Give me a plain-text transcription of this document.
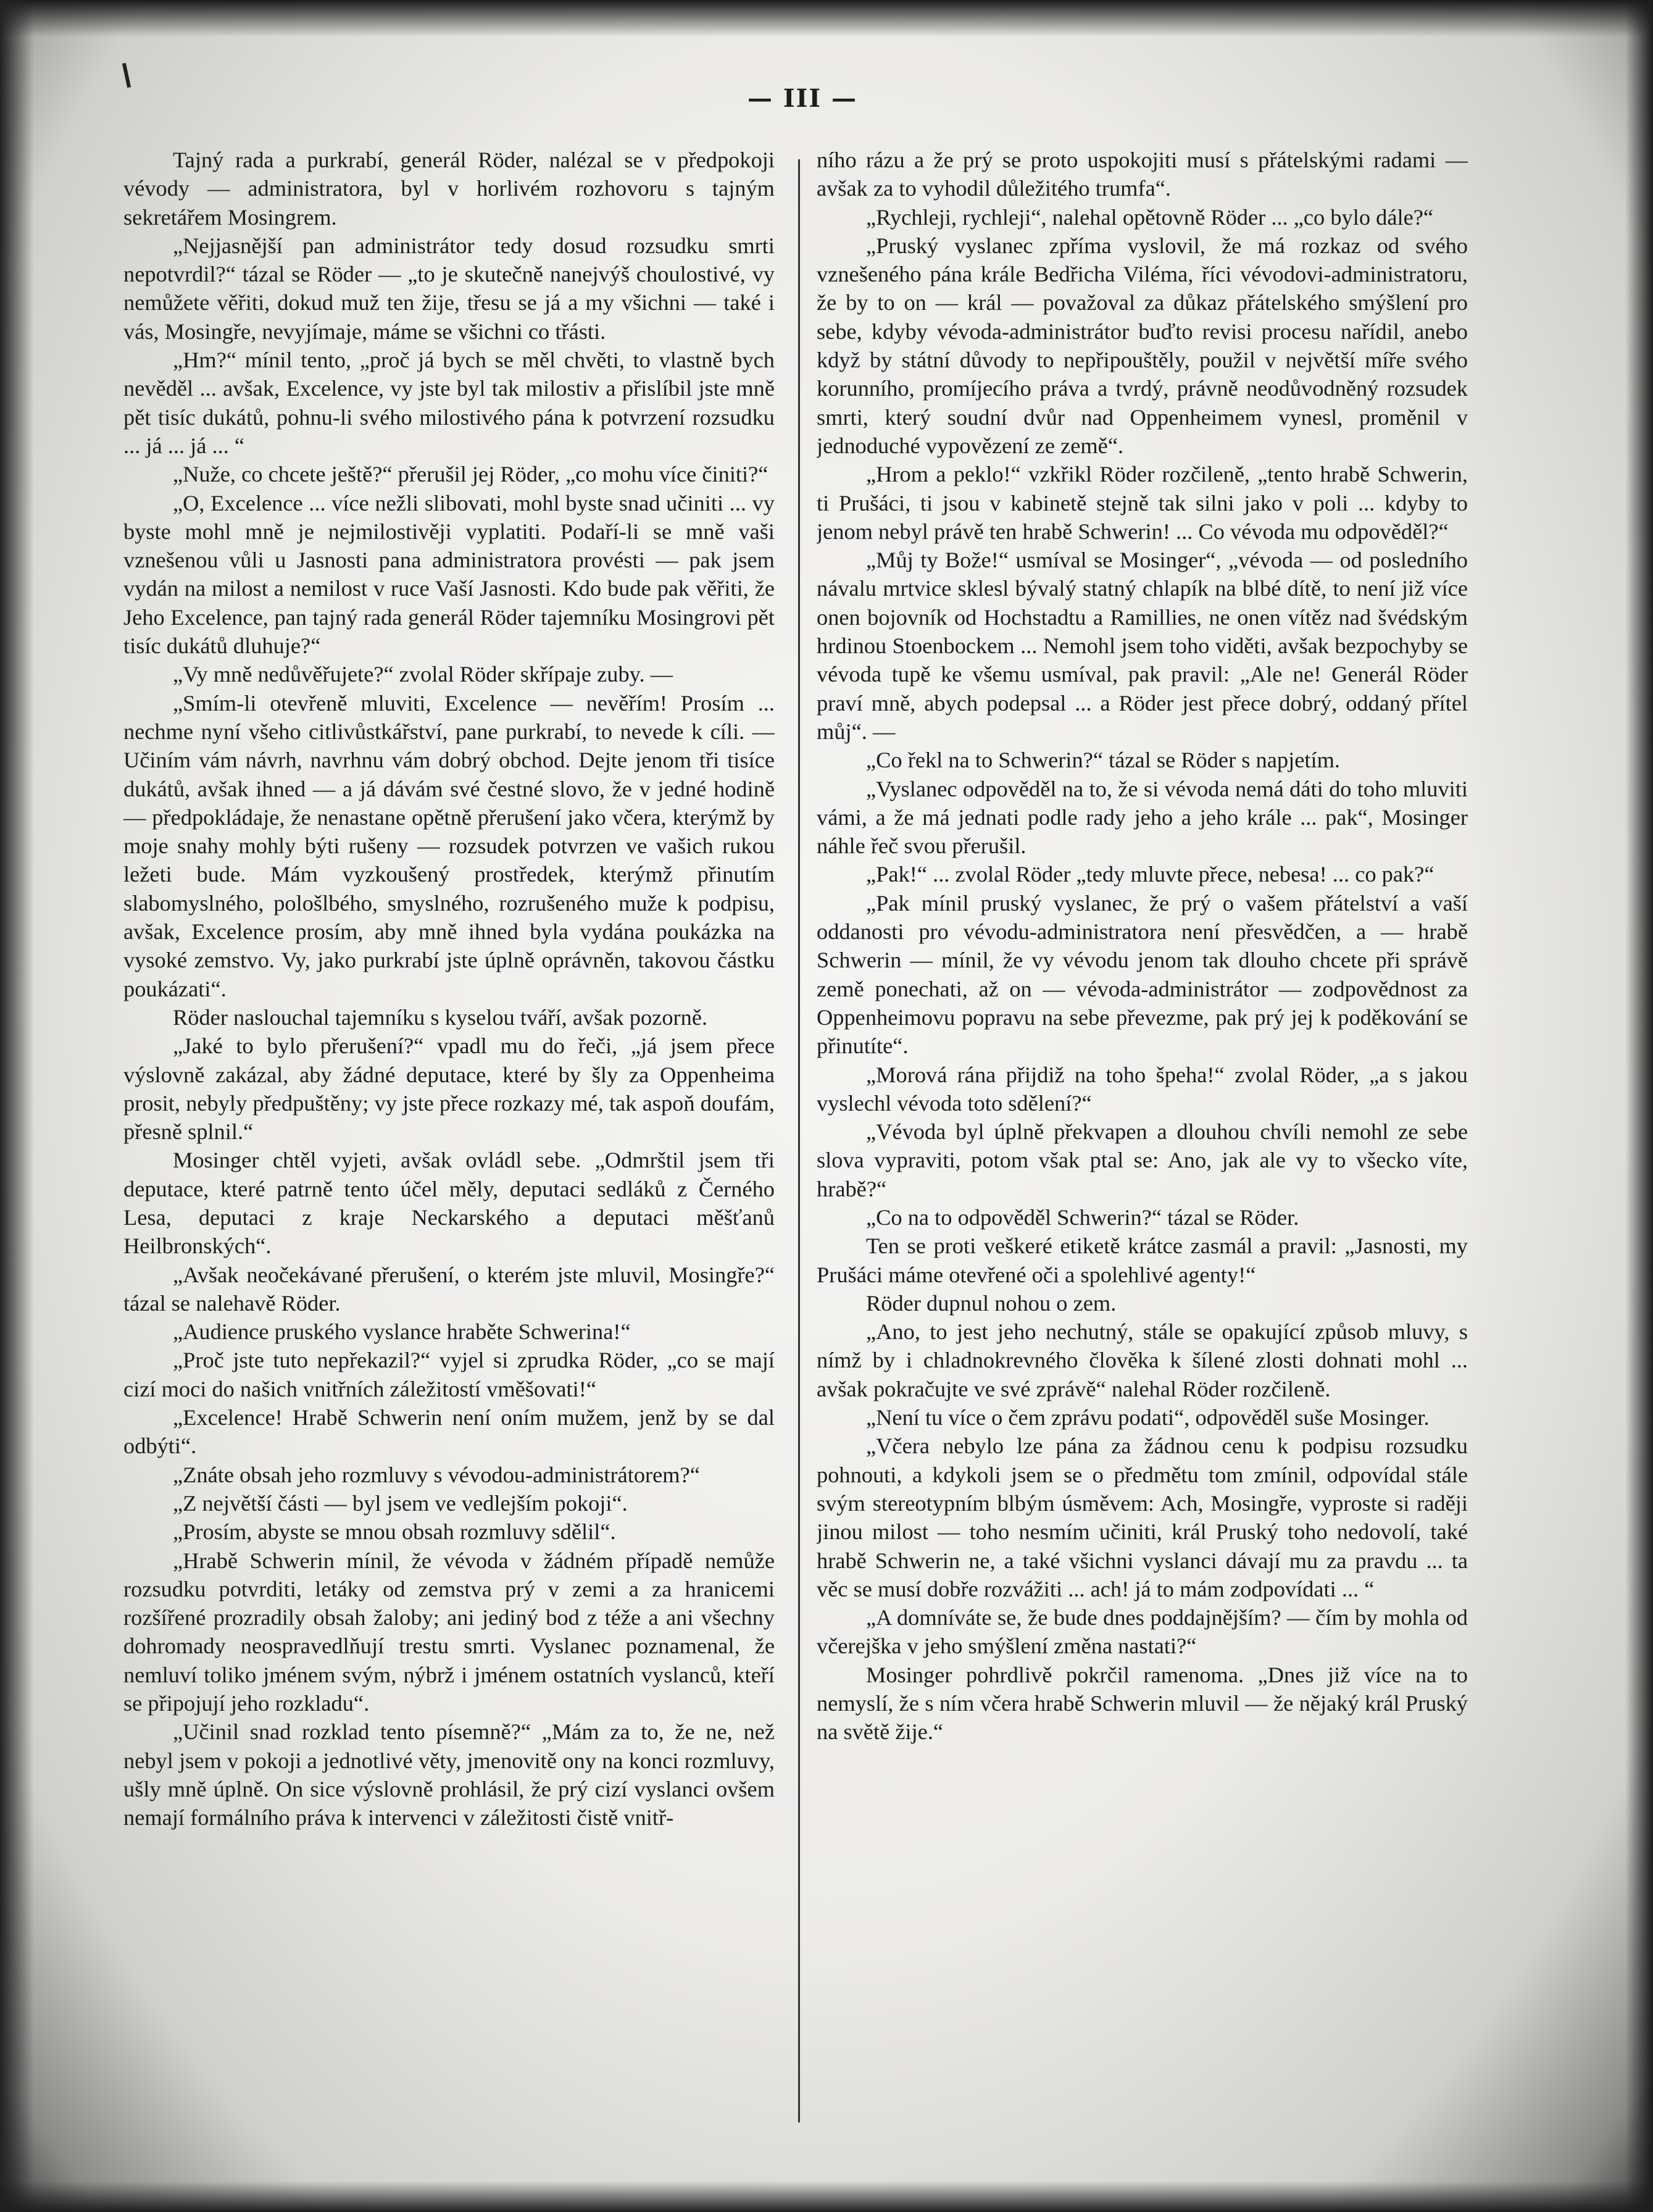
— III —

Tajný rada a purkrabí, generál Röder, nalézal se v předpokoji vévody — administratora, byl v horlivém rozhovoru s tajným sekretářem Mosingrem.

„Nejjasnější pan administrátor tedy dosud rozsudku smrti nepotvrdil?“ tázal se Röder — „to je skutečně nanejvýš choulostivé, vy nemůžete věřiti, dokud muž ten žije, třesu se já a my všichni — také i vás, Mosingře, nevyjímaje, máme se všichni co třásti.

„Hm?“ mínil tento, „proč já bych se měl chvěti, to vlastně bych nevěděl ... avšak, Excelence, vy jste byl tak milostiv a přislíbil jste mně pět tisíc dukátů, pohnu-li svého milostivého pána k potvrzení rozsudku ... já ... já ... “

„Nuže, co chcete ještě?“ přerušil jej Röder, „co mohu více činiti?“

„O, Excelence ... více nežli slibovati, mohl byste snad učiniti ... vy byste mohl mně je nejmilostivěji vyplatiti. Podaří-li se mně vaši vznešenou vůli u Jasnosti pana administratora provésti — pak jsem vydán na milost a nemilost v ruce Vaší Jasnosti. Kdo bude pak věřiti, že Jeho Excelence, pan tajný rada generál Röder tajemníku Mosingrovi pět tisíc dukátů dluhuje?“

„Vy mně nedůvěřujete?“ zvolal Röder skřípaje zuby. —

„Smím-li otevřeně mluviti, Excelence — nevěřím! Prosím ... nechme nyní všeho citlivůstkářství, pane purkrabí, to nevede k cíli. — Učiním vám návrh, navrhnu vám dobrý obchod. Dejte jenom tři tisíce dukátů, avšak ihned — a já dávám své čestné slovo, že v jedné hodině — předpokládaje, že nenastane opětně přerušení jako včera, kterýmž by moje snahy mohly býti rušeny — rozsudek potvrzen ve vašich rukou ležeti bude. Mám vyzkoušený prostředek, kterýmž přinutím slabomyslného, pološlbého, smyslného, rozrušeného muže k podpisu, avšak, Excelence prosím, aby mně ihned byla vydána poukázka na vysoké zemstvo. Vy, jako purkrabí jste úplně oprávněn, takovou částku poukázati“.

Röder naslouchal tajemníku s kyselou tváří, avšak pozorně.

„Jaké to bylo přerušení?“ vpadl mu do řeči, „já jsem přece výslovně zakázal, aby žádné deputace, které by šly za Oppenheima prosit, nebyly předpuštěny; vy jste přece rozkazy mé, tak aspoň doufám, přesně splnil.“

Mosinger chtěl vyjeti, avšak ovládl sebe. „Odmrštil jsem tři deputace, které patrně tento účel měly, deputaci sedláků z Černého Lesa, deputaci z kraje Neckarského a deputaci měšťanů Heilbronských“.

„Avšak neočekávané přerušení, o kterém jste mluvil, Mosingře?“ tázal se nalehavě Röder.

„Audience pruského vyslance hraběte Schwerina!“

„Proč jste tuto nepřekazil?“ vyjel si zprudka Röder, „co se mají cizí moci do našich vnitřních záležitostí vměšovati!“

„Excelence! Hrabě Schwerin není oním mužem, jenž by se dal odbýti“.

„Znáte obsah jeho rozmluvy s vévodou-administrátorem?“

„Z největší části — byl jsem ve vedlejším pokoji“.

„Prosím, abyste se mnou obsah rozmluvy sdělil“.

„Hrabě Schwerin mínil, že vévoda v žádném případě nemůže rozsudku potvrditi, letáky od zemstva prý v zemi a za hranicemi rozšířené prozradily obsah žaloby; ani jediný bod z téže a ani všechny dohromady neospravedlňují trestu smrti. Vyslanec poznamenal, že nemluví toliko jménem svým, nýbrž i jménem ostatních vyslanců, kteří se připojují jeho rozkladu“.

„Učinil snad rozklad tento písemně?“ „Mám za to, že ne, než nebyl jsem v pokoji a jednotlivé věty, jmenovitě ony na konci rozmluvy, ušly mně úplně. On sice výslovně prohlásil, že prý cizí vyslanci ovšem nemají formálního práva k intervenci v záležitosti čistě vnitř-

ního rázu a že prý se proto uspokojiti musí s přátelskými radami — avšak za to vyhodil důležitého trumfa“.

„Rychleji, rychleji“, nalehal opětovně Röder ... „co bylo dále?“

„Pruský vyslanec zpříma vyslovil, že má rozkaz od svého vznešeného pána krále Bedřicha Viléma, říci vévodovi-administratoru, že by to on — král — považoval za důkaz přátelského smýšlení pro sebe, kdyby vévoda-administrátor buďto revisi procesu nařídil, anebo když by státní důvody to nepřipouštěly, použil v největší míře svého korunního, promíjecího práva a tvrdý, právně neodůvodněný rozsudek smrti, který soudní dvůr nad Oppenheimem vynesl, proměnil v jednoduché vypovězení ze země“.

„Hrom a peklo!“ vzkřikl Röder rozčileně, „tento hrabě Schwerin, ti Prušáci, ti jsou v kabinetě stejně tak silni jako v poli ... kdyby to jenom nebyl právě ten hrabě Schwerin! ... Co vévoda mu odpověděl?“

„Můj ty Bože!“ usmíval se Mosinger“, „vévoda — od posledního návalu mrtvice sklesl bývalý statný chlapík na blbé dítě, to není již více onen bojovník od Hochstadtu a Ramillies, ne onen vítěz nad švédským hrdinou Stoenbockem ... Nemohl jsem toho viděti, avšak bezpochyby se vévoda tupě ke všemu usmíval, pak pravil: „Ale ne! Generál Röder praví mně, abych podepsal ... a Röder jest přece dobrý, oddaný přítel můj“. —

„Co řekl na to Schwerin?“ tázal se Röder s napjetím.

„Vyslanec odpověděl na to, že si vévoda nemá dáti do toho mluviti vámi, a že má jednati podle rady jeho a jeho krále ... pak“, Mosinger náhle řeč svou přerušil.

„Pak!“ ... zvolal Röder „tedy mluvte přece, nebesa! ... co pak?“

„Pak mínil pruský vyslanec, že prý o vašem přátelství a vaší oddanosti pro vévodu-administratora není přesvědčen, a — hrabě Schwerin — mínil, že vy vévodu jenom tak dlouho chcete při správě země ponechati, až on — vévoda-administrátor — zodpovědnost za Oppenheimovu popravu na sebe převezme, pak prý jej k poděkování se přinutíte“.

„Morová rána přijdiž na toho špeha!“ zvolal Röder, „a s jakou vyslechl vévoda toto sdělení?“

„Vévoda byl úplně překvapen a dlouhou chvíli nemohl ze sebe slova vypraviti, potom však ptal se: Ano, jak ale vy to všecko víte, hrabě?“

„Co na to odpověděl Schwerin?“ tázal se Röder.

Ten se proti veškeré etiketě krátce zasmál a pravil: „Jasnosti, my Prušáci máme otevřené oči a spolehlivé agenty!“

Röder dupnul nohou o zem.

„Ano, to jest jeho nechutný, stále se opakující způsob mluvy, s nímž by i chladnokrevného člověka k šílené zlosti dohnati mohl ... avšak pokračujte ve své zprávě“ nalehal Röder rozčileně.

„Není tu více o čem zprávu podati“, odpověděl suše Mosinger.

„Včera nebylo lze pána za žádnou cenu k podpisu rozsudku pohnouti, a kdykoli jsem se o předmětu tom zmínil, odpovídal stále svým stereotypním blbým úsměvem: Ach, Mosingře, vyproste si raději jinou milost — toho nesmím učiniti, král Pruský toho nedovolí, také hrabě Schwerin ne, a také všichni vyslanci dávají mu za pravdu ... ta věc se musí dobře rozvážiti ... ach! já to mám zodpovídati ... “

„A domníváte se, že bude dnes poddajnějším? — čím by mohla od včerejška v jeho smýšlení změna nastati?“

Mosinger pohrdlivě pokrčil ramenoma. „Dnes již více na to nemyslí, že s ním včera hrabě Schwerin mluvil — že nějaký král Pruský na světě žije.“
